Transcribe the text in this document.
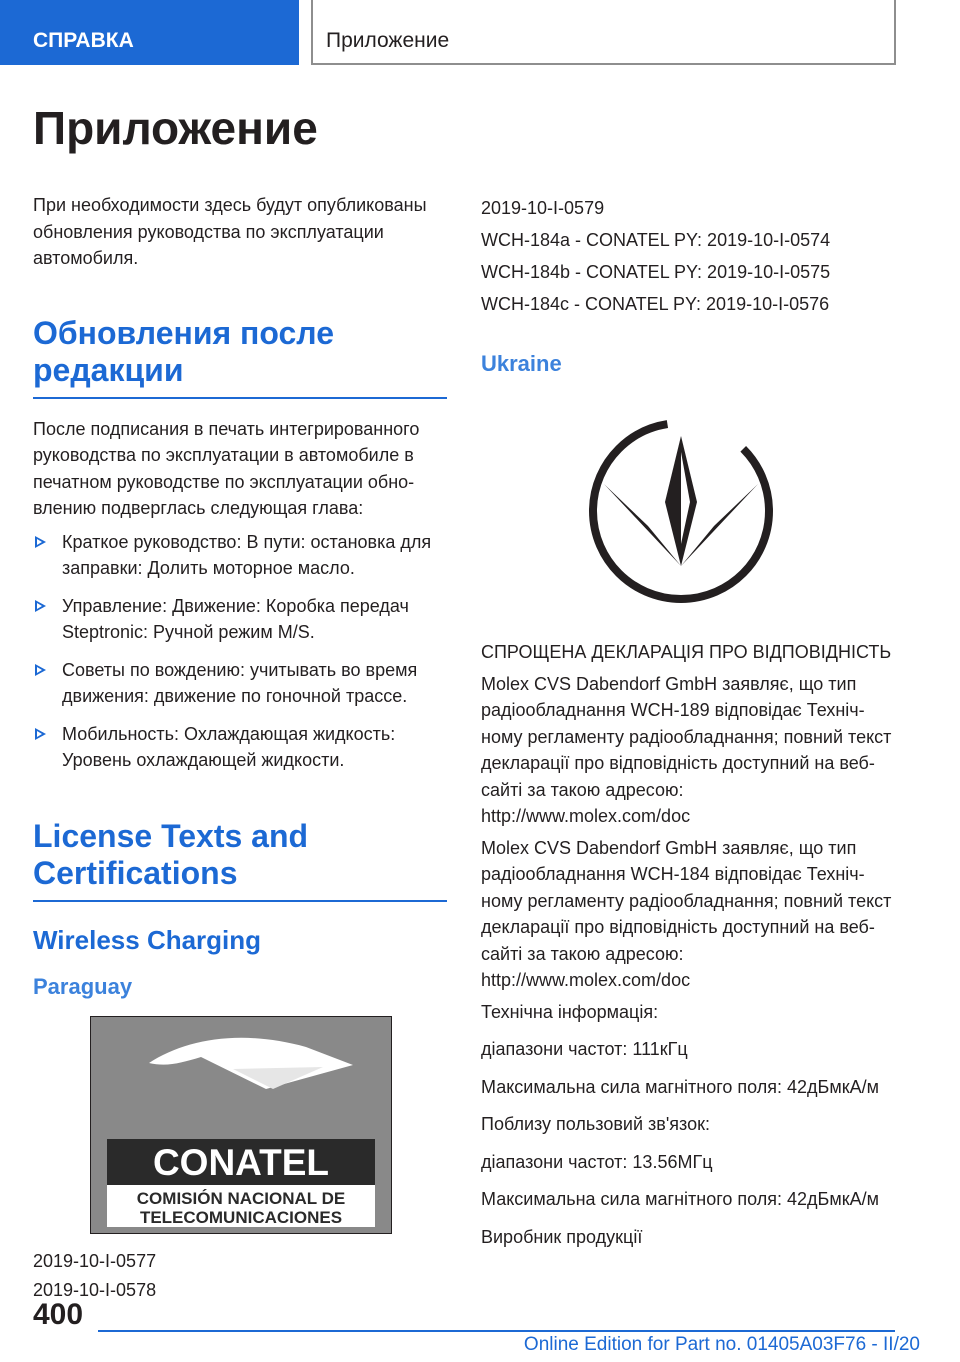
СПРАВКА	Приложение
Приложение

При необходимости здесь будут опубликованы обновления руководства по эксплуатации автомобиля.

Обновления после редакции

После подписания в печать интегрированного руководства по эксплуатации в автомобиле в печатном руководстве по эксплуатации обновлению подверглась следующая глава:

Краткое руководство: В пути: остановка для заправки: Долить моторное масло.
Управление: Движение: Коробка передач Steptronic: Ручной режим M/S.
Советы по вождению: учитывать во время движения: движение по гоночной трассе.
Мобильность: Охлаждающая жидкость: Уровень охлаждающей жидкости.
License Texts and Certifications
Wireless Charging
Paraguay
CONATEL
COMISIÓN NACIONAL DE
TELECOMUNICACIONES

2019-10-I-0577

2019-10-I-0578

2019-10-I-0579

WCH-184a - CONATEL PY: 2019-10-I-0574

WCH-184b - CONATEL PY: 2019-10-I-0575

WCH-184c - CONATEL PY: 2019-10-I-0576

Ukraine

СПРОЩЕНА ДЕКЛАРАЦІЯ ПРО ВІДПОВІДНІСТЬ

Molex CVS Dabendorf GmbH заявляє, що тип радіообладнання WCH-189 відповідає Технічному регламенту радіообладнання; повний текст декларації про відповідність доступний на веб-сайті за такою адресою: http://www.molex.com/doc

Molex CVS Dabendorf GmbH заявляє, що тип радіообладнання WCH-184 відповідає Технічному регламенту радіообладнання; повний текст декларації про відповідність доступний на веб-сайті за такою адресою: http://www.molex.com/doc

Технічна інформація:

діапазони частот: 111кГц

Максимальна сила магнітного поля: 42дБмкА/м

Поблизу пользовий зв'язок:

діапазони частот: 13.56МГц

Максимальна сила магнітного поля: 42дБмкА/м

Виробник продукції

400
Online Edition for Part no. 01405A03F76 - II/20
